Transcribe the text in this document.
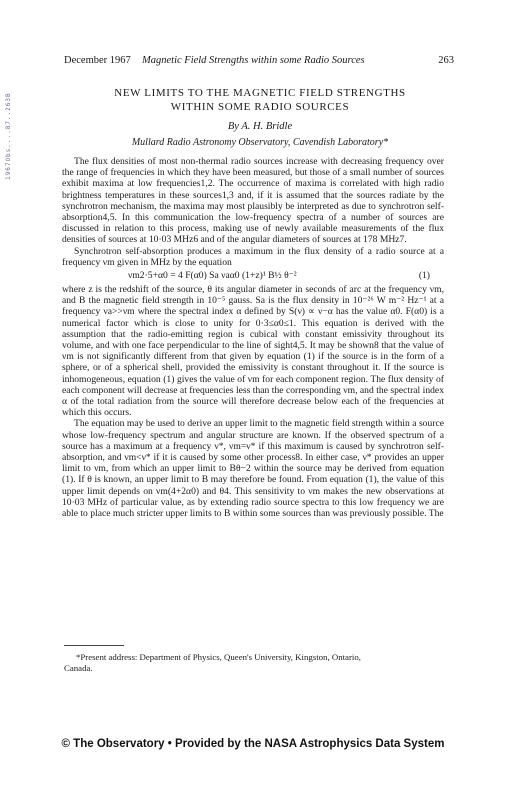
1967Obs....87..263B
December 1967 Magnetic Field Strengths within some Radio Sources	263
NEW LIMITS TO THE MAGNETIC FIELD STRENGTHS
WITHIN SOME RADIO SOURCES
By A. H. Bridle
Mullard Radio Astronomy Observatory, Cavendish Laboratory*

The flux densities of most non-thermal radio sources increase with decreasing frequency over the range of frequencies in which they have been measured, but those of a small number of sources exhibit maxima at low frequencies1,2. The occurrence of maxima is correlated with high radio brightness temperatures in these sources1,3 and, if it is assumed that the sources radiate by the synchrotron mechanism, the maxima may most plausibly be interpreted as due to synchrotron self-absorption4,5. In this communication the low-frequency spectra of a number of sources are discussed in relation to this process, making use of newly available measurements of the flux densities of sources at 10·03 MHz6 and of the angular diameters of sources at 178 MHz7.

Synchrotron self-absorption produces a maximum in the flux density of a radio source at a frequency νm given in MHz by the equation

νm2·5+α0 = 4 F(α0) Sa νaα0 (1+z)¹ B½ θ⁻²	(1)

where z is the redshift of the source, θ its angular diameter in seconds of arc at the frequency νm, and B the magnetic field strength in 10⁻⁵ gauss. Sa is the flux density in 10⁻²⁶ W m⁻² Hz⁻¹ at a frequency νa>>νm where the spectral index α defined by S(ν) ∝ ν−α has the value α0. F(α0) is a numerical factor which is close to unity for 0·3≤α0≤1. This equation is derived with the assumption that the radio-emitting region is cubical with constant emissivity throughout its volume, and with one face perpendicular to the line of sight4,5. It may be shown8 that the value of νm is not significantly different from that given by equation (1) if the source is in the form of a sphere, or of a spherical shell, provided the emissivity is constant throughout it. If the source is inhomogeneous, equation (1) gives the value of νm for each component region. The flux density of each component will decrease at frequencies less than the corresponding νm, and the spectral index α of the total radiation from the source will therefore decrease below each of the frequencies at which this occurs.

The equation may be used to derive an upper limit to the magnetic field strength within a source whose low-frequency spectrum and angular structure are known. If the observed spectrum of a source has a maximum at a frequency ν*, νm=ν* if this maximum is caused by synchrotron self-absorption, and νm<ν* if it is caused by some other process8. In either case, ν* provides an upper limit to νm, from which an upper limit to Bθ−2 within the source may be derived from equation (1). If θ is known, an upper limit to B may therefore be found. From equation (1), the value of this upper limit depends on νm(4+2α0) and θ4. This sensitivity to νm makes the new observations at 10·03 MHz of particular value, as by extending radio source spectra to this low frequency we are able to place much stricter upper limits to B within some sources than was previously possible. The

*Present address: Department of Physics, Queen's University, Kingston, Ontario,
Canada.
© The Observatory • Provided by the NASA Astrophysics Data System
